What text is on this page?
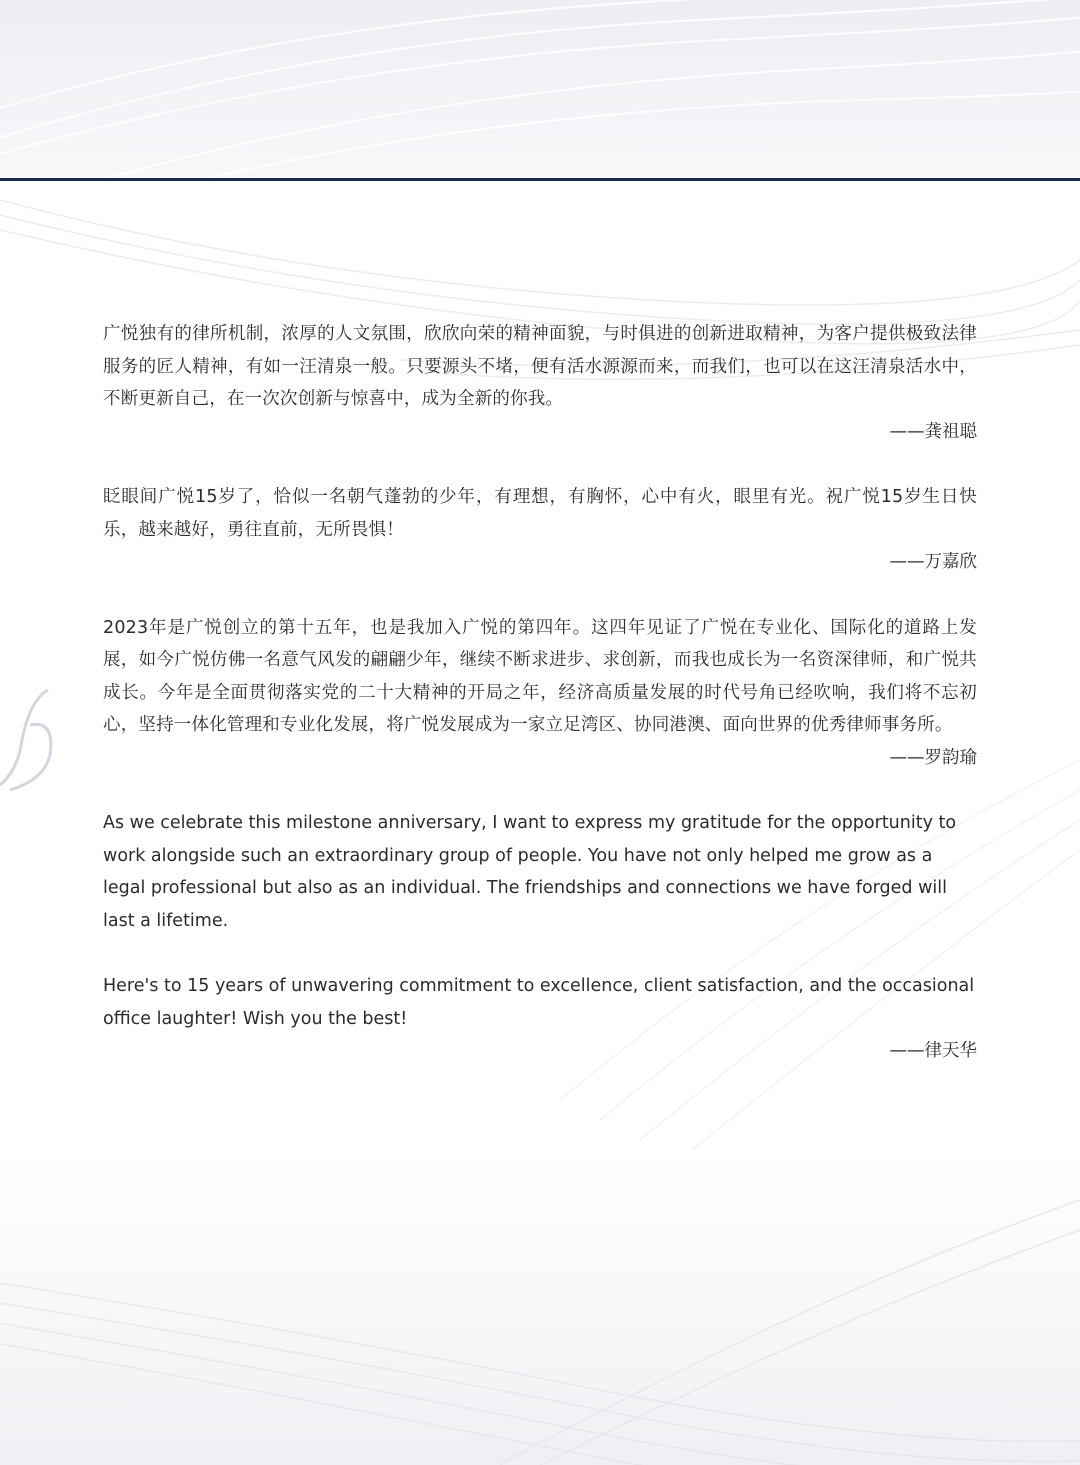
广悦独有的律所机制，浓厚的人文氛围，欣欣向荣的精神面貌，与时俱进的创新进取精神，为客户提供极致法律服务的匠人精神，有如一汪清泉一般。只要源头不堵，便有活水源源而来，而我们，也可以在这汪清泉活水中，不断更新自己，在一次次创新与惊喜中，成为全新的你我。

——龚祖聪

眨眼间广悦15岁了，恰似一名朝气蓬勃的少年，有理想，有胸怀，心中有火，眼里有光。祝广悦15岁生日快乐，越来越好，勇往直前，无所畏惧！

——万嘉欣

2023年是广悦创立的第十五年，也是我加入广悦的第四年。这四年见证了广悦在专业化、国际化的道路上发展，如今广悦仿佛一名意气风发的翩翩少年，继续不断求进步、求创新，而我也成长为一名资深律师，和广悦共成长。今年是全面贯彻落实党的二十大精神的开局之年，经济高质量发展的时代号角已经吹响，我们将不忘初心，坚持一体化管理和专业化发展，将广悦发展成为一家立足湾区、协同港澳、面向世界的优秀律师事务所。

——罗韵瑜

As we celebrate this milestone anniversary, I want to express my gratitude for the opportunity to work alongside such an extraordinary group of people. You have not only helped me grow as a legal professional but also as an individual. The friendships and connections we have forged will last a lifetime.

Here's to 15 years of unwavering commitment to excellence, client satisfaction, and the occasional office laughter! Wish you the best!

——律天华
